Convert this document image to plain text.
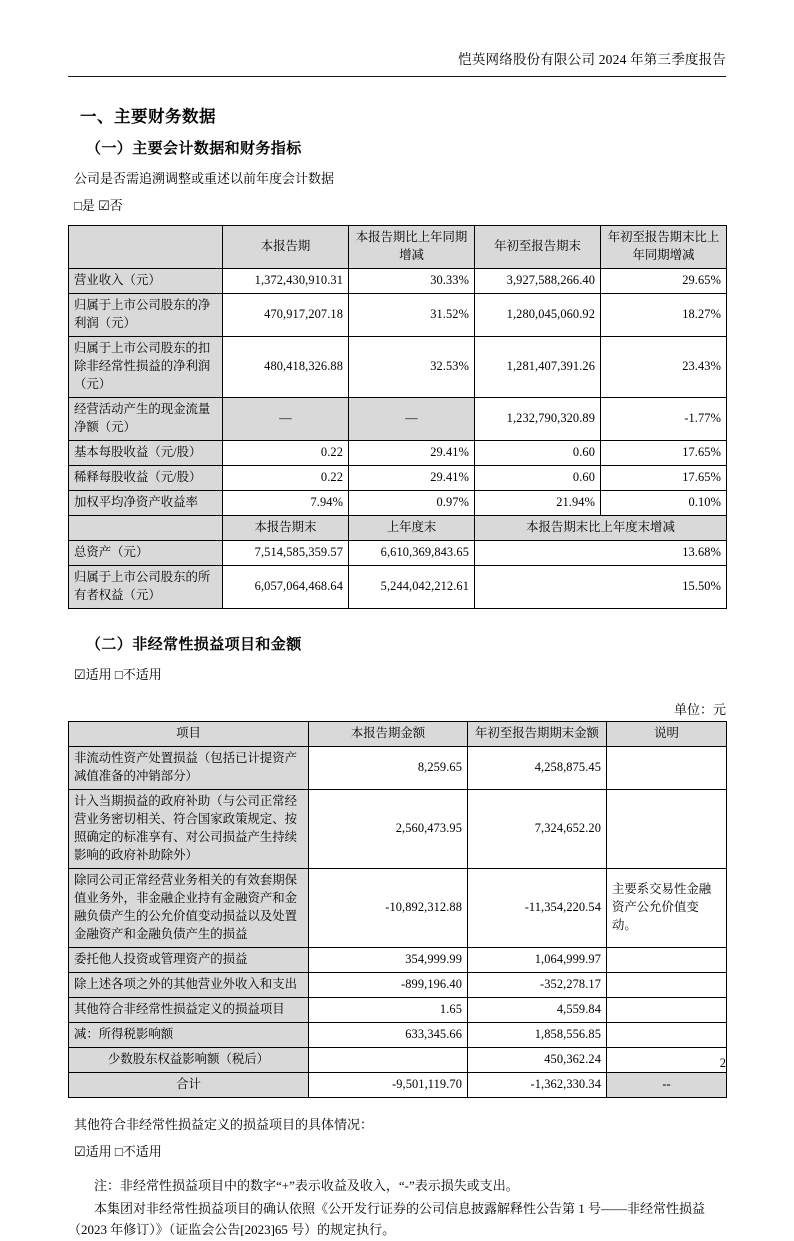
恺英网络股份有限公司 2024 年第三季度报告
一、主要财务数据
（一）主要会计数据和财务指标

公司是否需追溯调整或重述以前年度会计数据

□是 ☑否

	本报告期	本报告期比上年同期增减	年初至报告期末	年初至报告期末比上年同期增减
营业收入（元）	1,372,430,910.31	30.33%	3,927,588,266.40	29.65%
归属于上市公司股东的净利润（元）	470,917,207.18	31.52%	1,280,045,060.92	18.27%
归属于上市公司股东的扣除非经常性损益的净利润（元）	480,418,326.88	32.53%	1,281,407,391.26	23.43%
经营活动产生的现金流量净额（元）	—	—	1,232,790,320.89	-1.77%
基本每股收益（元/股）	0.22	29.41%	0.60	17.65%
稀释每股收益（元/股）	0.22	29.41%	0.60	17.65%
加权平均净资产收益率	7.94%	0.97%	21.94%	0.10%
	本报告期末	上年度末	本报告期末比上年度末增减	
总资产（元）	7,514,585,359.57	6,610,369,843.65	13.68%	
归属于上市公司股东的所有者权益（元）	6,057,064,468.64	5,244,042,212.61	15.50%	
（二）非经常性损益项目和金额

☑适用 □不适用

单位：元
项目	本报告期金额	年初至报告期期末金额	说明
非流动性资产处置损益（包括已计提资产减值准备的冲销部分）	8,259.65	4,258,875.45	
计入当期损益的政府补助（与公司正常经营业务密切相关、符合国家政策规定、按照确定的标准享有、对公司损益产生持续影响的政府补助除外）	2,560,473.95	7,324,652.20	
除同公司正常经营业务相关的有效套期保值业务外，非金融企业持有金融资产和金融负债产生的公允价值变动损益以及处置金融资产和金融负债产生的损益	-10,892,312.88	-11,354,220.54	主要系交易性金融资产公允价值变动。
委托他人投资或管理资产的损益	354,999.99	1,064,999.97	
除上述各项之外的其他营业外收入和支出	-899,196.40	-352,278.17	
其他符合非经常性损益定义的损益项目	1.65	4,559.84	
减：所得税影响额	633,345.66	1,858,556.85	
少数股东权益影响额（税后）		450,362.24	
合计	-9,501,119.70	-1,362,330.34	--

其他符合非经常性损益定义的损益项目的具体情况：

☑适用 □不适用

注：非经常性损益项目中的数字“+”表示收益及收入，“-”表示损失或支出。

本集团对非经常性损益项目的确认依照《公开发行证券的公司信息披露解释性公告第 1 号——非经常性损益（2023 年修订）》（证监会公告[2023]65 号）的规定执行。

2
